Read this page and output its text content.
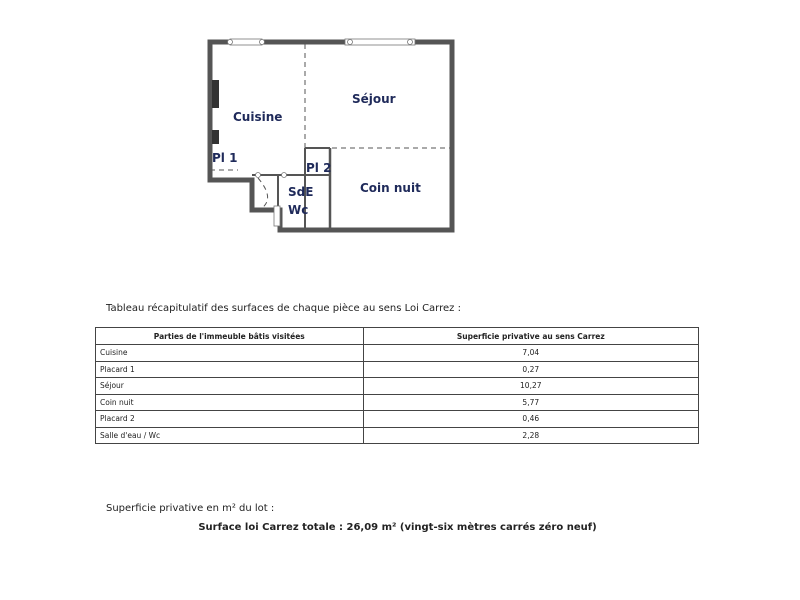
Cuisine
Séjour
Pl 1
Pl 2
SdE
Wc
Coin nuit
Tableau récapitulatif des surfaces de chaque pièce au sens Loi Carrez :
Parties de l'immeuble bâtis visitées	Superficie privative au sens Carrez
Cuisine	7,04
Placard 1	0,27
Séjour	10,27
Coin nuit	5,77
Placard 2	0,46
Salle d'eau / Wc	2,28
Superficie privative en m² du lot :
Surface loi Carrez totale : 26,09 m² (vingt-six mètres carrés zéro neuf)
